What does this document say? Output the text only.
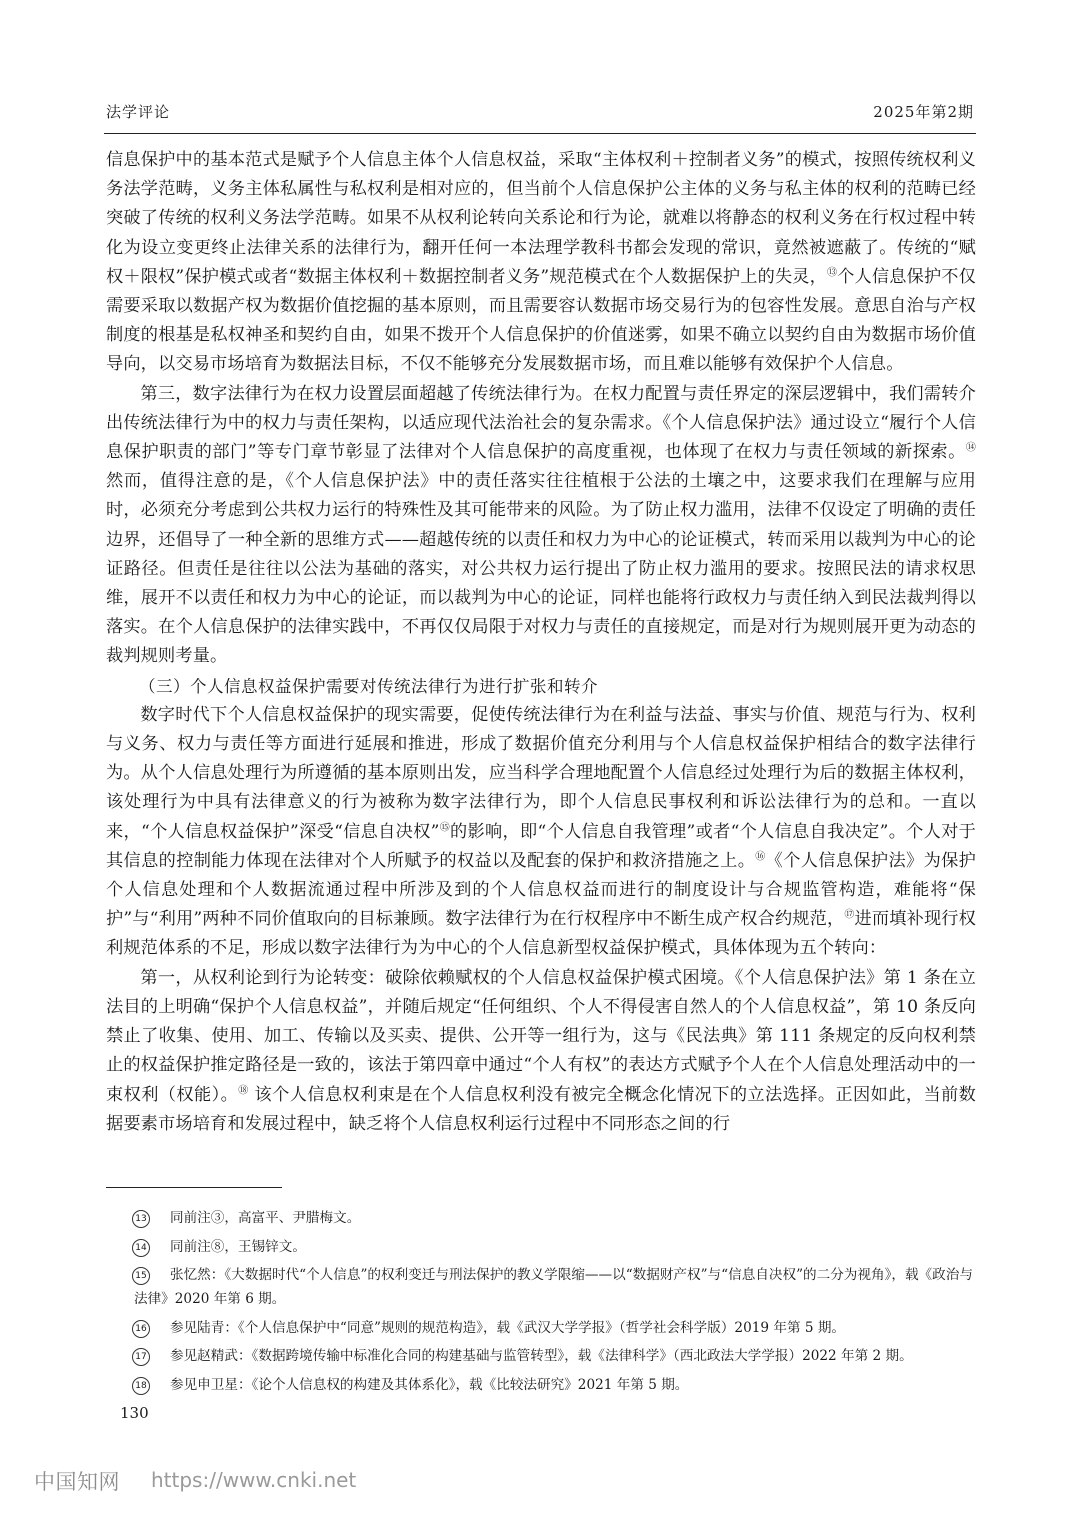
法学评论	2025年第2期

信息保护中的基本范式是赋予个人信息主体个人信息权益，采取“主体权利＋控制者义务”的模式，按照传统权利义务法学范畴，义务主体私属性与私权利是相对应的，但当前个人信息保护公主体的义务与私主体的权利的范畴已经突破了传统的权利义务法学范畴。如果不从权利论转向关系论和行为论，就难以将静态的权利义务在行权过程中转化为设立变更终止法律关系的法律行为，翻开任何一本法理学教科书都会发现的常识，竟然被遮蔽了。传统的“赋权＋限权”保护模式或者“数据主体权利＋数据控制者义务”规范模式在个人数据保护上的失灵，⑬个人信息保护不仅需要采取以数据产权为数据价值挖掘的基本原则，而且需要容认数据市场交易行为的包容性发展。意思自治与产权制度的根基是私权神圣和契约自由，如果不拨开个人信息保护的价值迷雾，如果不确立以契约自由为数据市场价值导向，以交易市场培育为数据法目标，不仅不能够充分发展数据市场，而且难以能够有效保护个人信息。

第三，数字法律行为在权力设置层面超越了传统法律行为。在权力配置与责任界定的深层逻辑中，我们需转介出传统法律行为中的权力与责任架构，以适应现代法治社会的复杂需求。《个人信息保护法》通过设立“履行个人信息保护职责的部门”等专门章节彰显了法律对个人信息保护的高度重视，也体现了在权力与责任领域的新探索。⑭ 然而，值得注意的是，《个人信息保护法》中的责任落实往往植根于公法的土壤之中，这要求我们在理解与应用时，必须充分考虑到公共权力运行的特殊性及其可能带来的风险。为了防止权力滥用，法律不仅设定了明确的责任边界，还倡导了一种全新的思维方式——超越传统的以责任和权力为中心的论证模式，转而采用以裁判为中心的论证路径。但责任是往往以公法为基础的落实，对公共权力运行提出了防止权力滥用的要求。按照民法的请求权思维，展开不以责任和权力为中心的论证，而以裁判为中心的论证，同样也能将行政权力与责任纳入到民法裁判得以落实。在个人信息保护的法律实践中，不再仅仅局限于对权力与责任的直接规定，而是对行为规则展开更为动态的裁判规则考量。

（三）个人信息权益保护需要对传统法律行为进行扩张和转介

数字时代下个人信息权益保护的现实需要，促使传统法律行为在利益与法益、事实与价值、规范与行为、权利与义务、权力与责任等方面进行延展和推进，形成了数据价值充分利用与个人信息权益保护相结合的数字法律行为。从个人信息处理行为所遵循的基本原则出发，应当科学合理地配置个人信息经过处理行为后的数据主体权利，该处理行为中具有法律意义的行为被称为数字法律行为，即个人信息民事权利和诉讼法律行为的总和。一直以来，“个人信息权益保护”深受“信息自决权”⑮的影响，即“个人信息自我管理”或者“个人信息自我决定”。个人对于其信息的控制能力体现在法律对个人所赋予的权益以及配套的保护和救济措施之上。⑯《个人信息保护法》为保护个人信息处理和个人数据流通过程中所涉及到的个人信息权益而进行的制度设计与合规监管构造，难能将“保护”与“利用”两种不同价值取向的目标兼顾。数字法律行为在行权程序中不断生成产权合约规范，⑰进而填补现行权利规范体系的不足，形成以数字法律行为为中心的个人信息新型权益保护模式，具体体现为五个转向：

第一，从权利论到行为论转变：破除依赖赋权的个人信息权益保护模式困境。《个人信息保护法》第 1 条在立法目的上明确“保护个人信息权益”，并随后规定“任何组织、个人不得侵害自然人的个人信息权益”，第 10 条反向禁止了收集、使用、加工、传输以及买卖、提供、公开等一组行为，这与《民法典》第 111 条规定的反向权利禁止的权益保护推定路径是一致的，该法于第四章中通过“个人有权”的表达方式赋予个人在个人信息处理活动中的一束权利（权能）。⑱ 该个人信息权利束是在个人信息权利没有被完全概念化情况下的立法选择。正因如此，当前数据要素市场培育和发展过程中，缺乏将个人信息权利运行过程中不同形态之间的行

13 同前注③，高富平、尹腊梅文。

14 同前注⑧，王锡锌文。

15 张忆然：《大数据时代“个人信息”的权利变迁与刑法保护的教义学限缩——以“数据财产权”与“信息自决权”的二分为视角》，载《政治与法律》2020 年第 6 期。

16 参见陆青：《个人信息保护中“同意”规则的规范构造》，载《武汉大学学报》（哲学社会科学版）2019 年第 5 期。

17 参见赵精武：《数据跨境传输中标准化合同的构建基础与监管转型》，载《法律科学》（西北政法大学学报）2022 年第 2 期。

18 参见申卫星：《论个人信息权的构建及其体系化》，载《比较法研究》2021 年第 5 期。

130
中国知网 https://www.cnki.net
